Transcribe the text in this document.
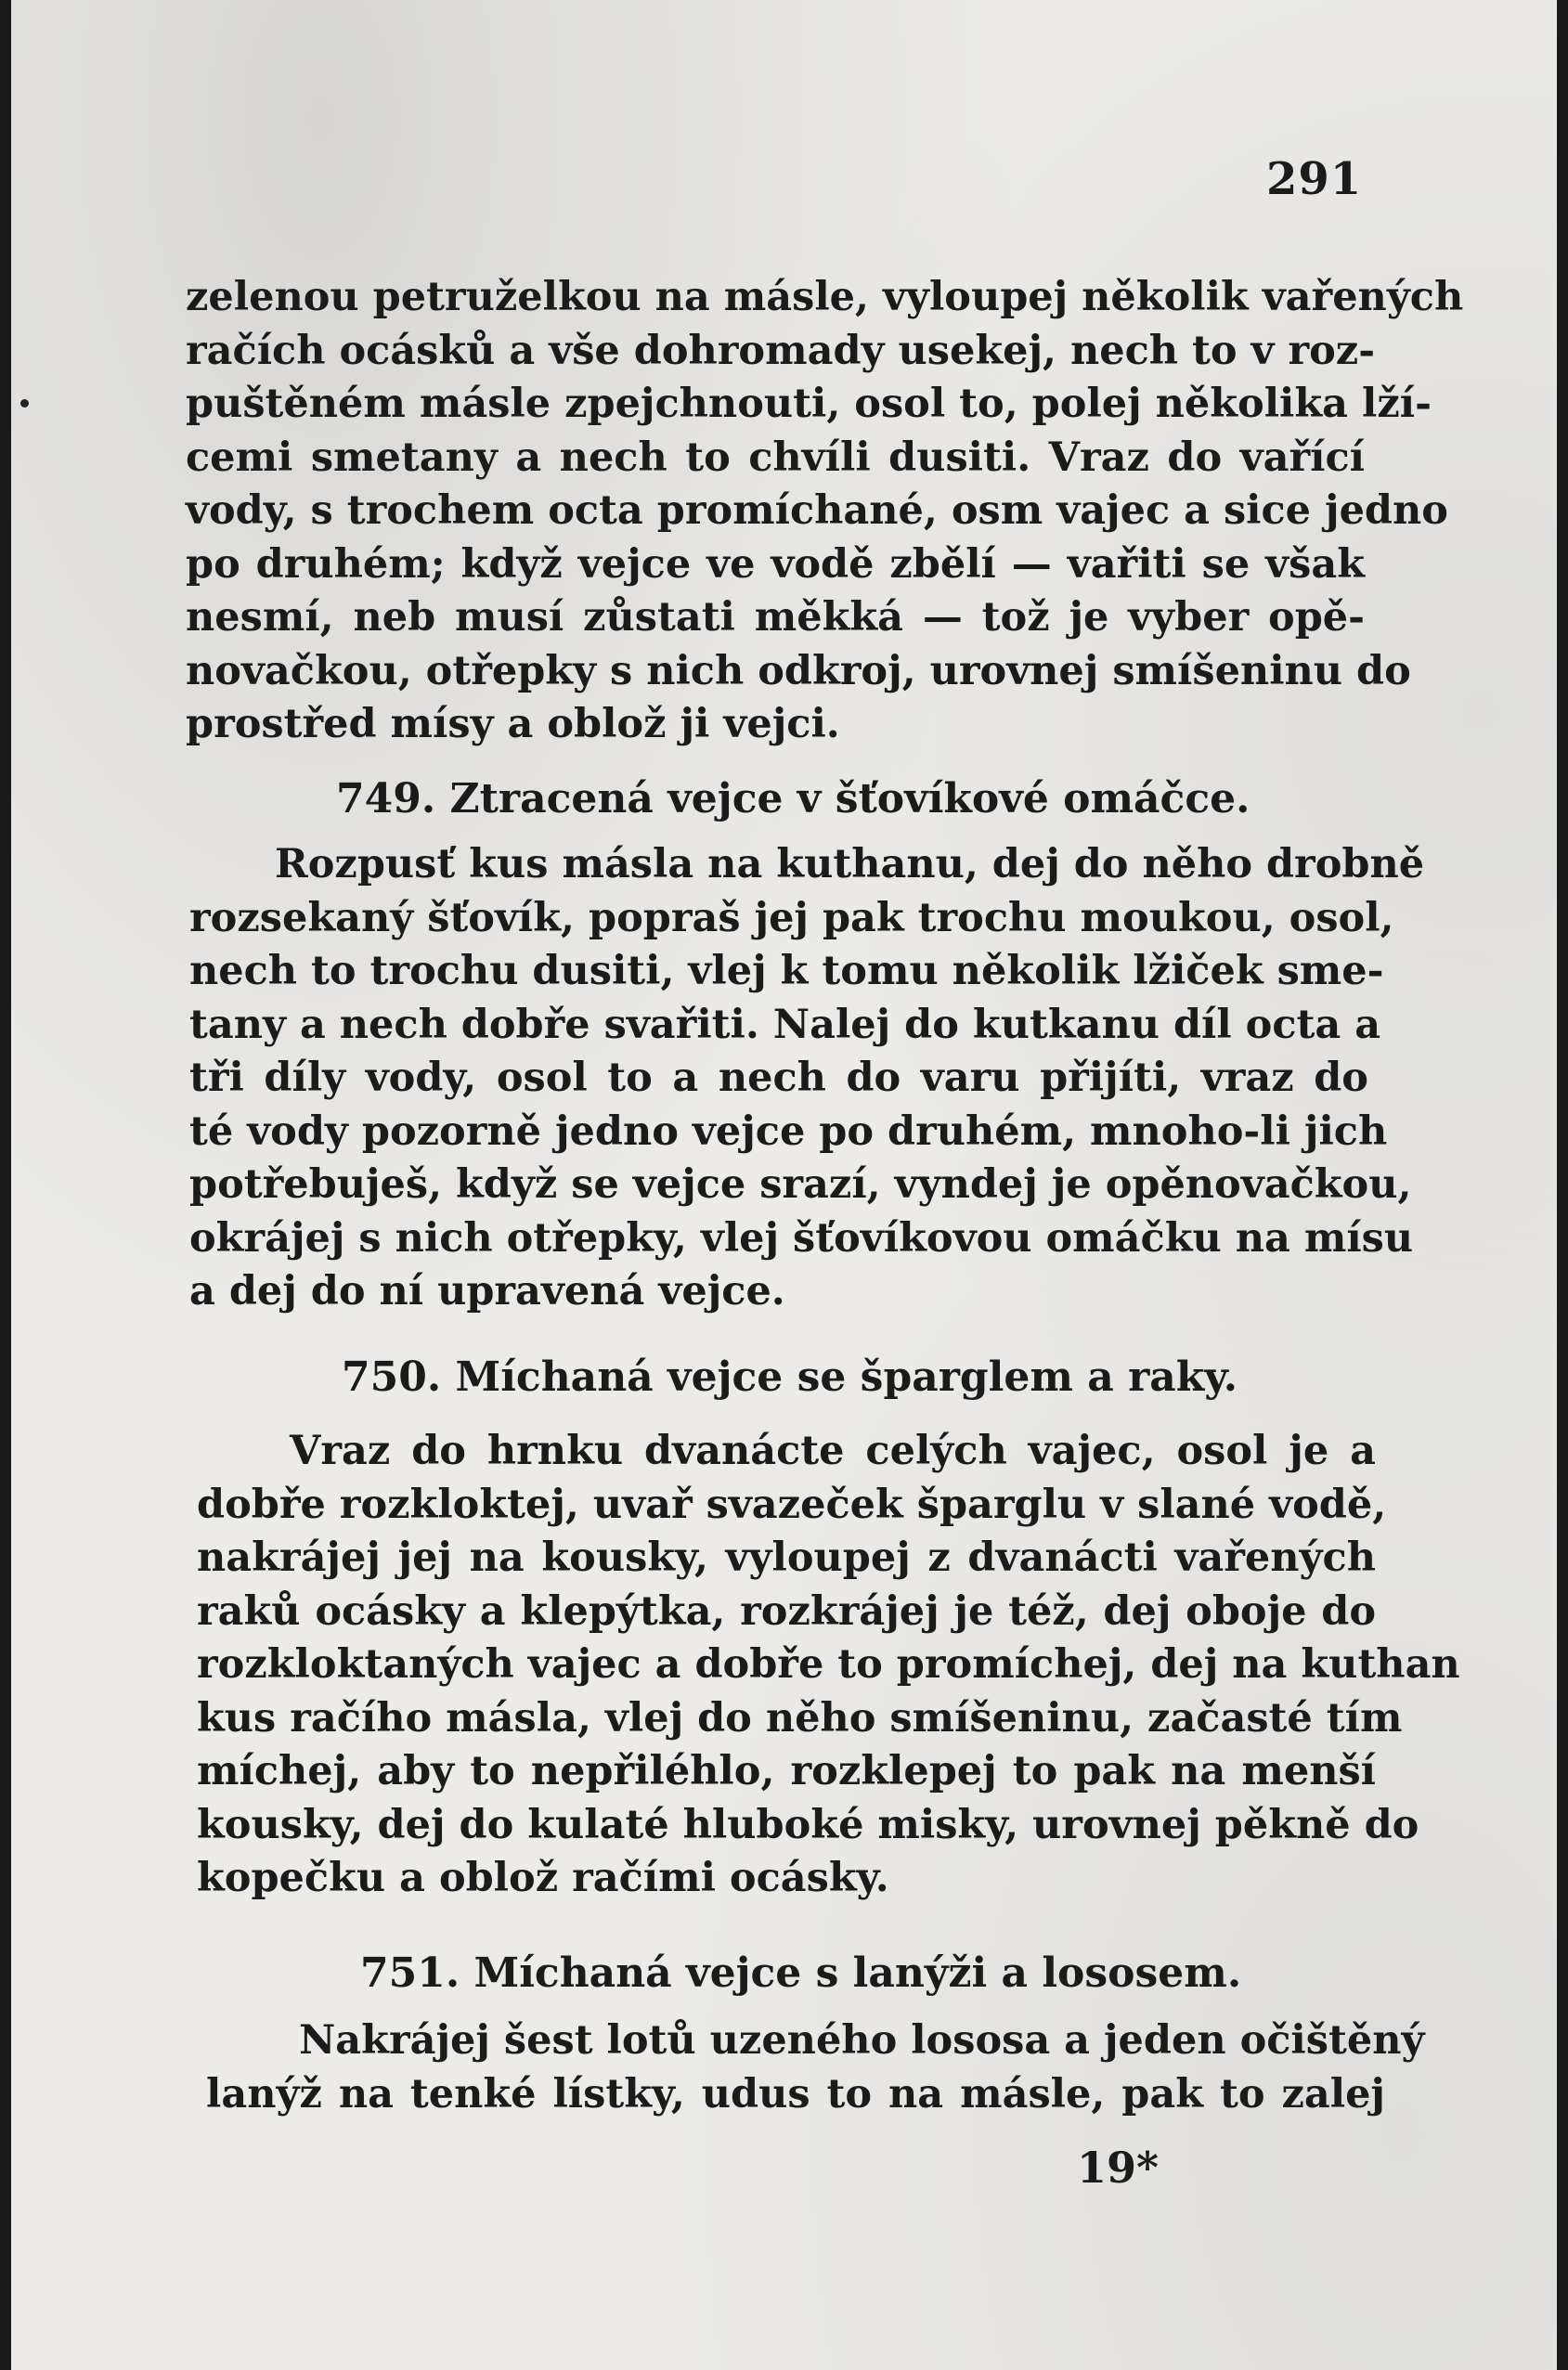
291
zelenou petruželkou na másle, vyloupej několik vařených
račích ocásků a vše dohromady usekej, nech to v roz-
puštěném másle zpejchnouti, osol to, polej několika lží-
cemi smetany a nech to chvíli dusiti. Vraz do vařící
vody, s trochem octa promíchané, osm vajec a sice jedno
po druhém; když vejce ve vodě zbělí — vařiti se však
nesmí, neb musí zůstati měkká — tož je vyber opě-
novačkou, otřepky s nich odkroj, urovnej smíšeninu do
prostřed mísy a oblož ji vejci.
749. Ztracená vejce v šťovíkové omáčce.
Rozpusť kus másla na kuthanu, dej do něho drobně
rozsekaný šťovík, popraš jej pak trochu moukou, osol,
nech to trochu dusiti, vlej k tomu několik lžiček sme-
tany a nech dobře svařiti. Nalej do kutkanu díl octa a
tři díly vody, osol to a nech do varu přijíti, vraz do
té vody pozorně jedno vejce po druhém, mnoho-li jich
potřebuješ, když se vejce srazí, vyndej je opěnovačkou,
okrájej s nich otřepky, vlej šťovíkovou omáčku na mísu
a dej do ní upravená vejce.
750. Míchaná vejce se šparglem a raky.
Vraz do hrnku dvanácte celých vajec, osol je a
dobře rozkloktej, uvař svazeček šparglu v slané vodě,
nakrájej jej na kousky, vyloupej z dvanácti vařených
raků ocásky a klepýtka, rozkrájej je též, dej oboje do
rozkloktaných vajec a dobře to promíchej, dej na kuthan
kus račího másla, vlej do něho smíšeninu, začasté tím
míchej, aby to nepřiléhlo, rozklepej to pak na menší
kousky, dej do kulaté hluboké misky, urovnej pěkně do
kopečku a oblož račími ocásky.
751. Míchaná vejce s lanýži a lososem.
Nakrájej šest lotů uzeného lososa a jeden očištěný
lanýž na tenké lístky, udus to na másle, pak to zalej
19*
